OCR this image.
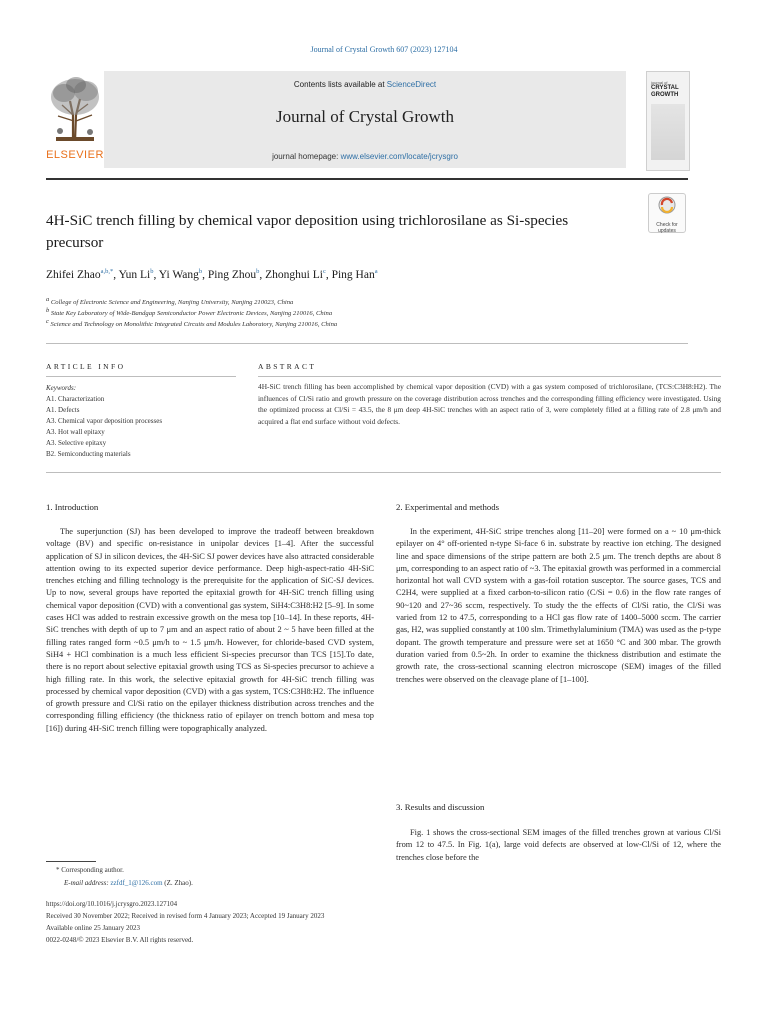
Journal of Crystal Growth 607 (2023) 127104
ELSEVIER
Contents lists available at ScienceDirect
Journal of Crystal Growth
journal homepage: www.elsevier.com/locate/jcrysgro
journal of
CRYSTAL
GROWTH
4H-SiC trench filling by chemical vapor deposition using trichlorosilane as Si-species precursor
Check for updates
Zhifei Zhao$^{a,b,*}$, Yun Li$^b$, Yi Wang$^b$, Ping Zhou$^b$, Zhonghui Li$^c$, Ping Han$^a$
$^a$ College of Electronic Science and Engineering, Nanjing University, Nanjing 210023, China
$^b$ State Key Laboratory of Wide-Bandgap Semiconductor Power Electronic Devices, Nanjing 210016, China
$^c$ Science and Technology on Monolithic Integrated Circuits and Modules Laboratory, Nanjing 210016, China
ARTICLE INFO
Keywords:
A1. Characterization
A1. Defects
A3. Chemical vapor deposition processes
A3. Hot wall epitaxy
A3. Selective epitaxy
B2. Semiconducting materials
ABSTRACT
4H-SiC trench filling has been accomplished by chemical vapor deposition (CVD) with a gas system composed of trichlorosilane, (TCS:C3H8:H2). The influences of Cl/Si ratio and growth pressure on the coverage distribution across trenches and the corresponding filling efficiency were investigated. Using the optimized process at Cl/Si = 43.5, the 8 μm deep 4H-SiC trenches with an aspect ratio of 3, were completely filled at a filling rate of 2.8 μm/h and acquired a flat end surface without void defects.
1. Introduction

The superjunction (SJ) has been developed to improve the tradeoff between breakdown voltage (BV) and specific on-resistance in unipolar devices [1–4]. After the successful application of SJ in silicon devices, the 4H-SiC SJ power devices have also attracted considerable attention owing to its expected superior device performance. Deep high-aspect-ratio 4H-SiC trenches etching and filling technology is the prerequisite for the application of SiC-SJ devices. Up to now, several groups have reported the epitaxial growth for 4H-SiC trench filling using chemical vapor deposition (CVD) with a conventional gas system, SiH4:C3H8:H2 [5–9]. In some cases HCl was added to restrain excessive growth on the mesa top [10–14]. In these reports, 4H-SiC trenches with depth of up to 7 μm and an aspect ratio of about 2 ~ 5 have been filled at the filling rates ranged form ~0.5 μm/h to ~ 1.5 μm/h. However, for chloride-based CVD system, SiH4 + HCl combination is a much less efficient Si-species precursor than TCS [15].To date, there is no report about selective epitaxial growth using TCS as Si-species precursor to achieve a high filling rate. In this work, the selective epitaxial growth for 4H-SiC trench filling was processed by chemical vapor deposition (CVD) with a gas system, TCS:C3H8:H2. The influence of growth pressure and Cl/Si ratio on the epilayer thickness distribution across trenches and the corresponding filling efficiency (the thickness ratio of epilayer on trench bottom and mesa top [16]) during 4H-SiC trench filling were topographically analyzed.

2. Experimental and methods

In the experiment, 4H-SiC stripe trenches along [11–20] were formed on a ~ 10 μm-thick epilayer on 4° off-oriented n-type Si-face 6 in. substrate by reactive ion etching. The designed line and space dimensions of the stripe pattern are both 2.5 μm. The trench depths are about 8 μm, corresponding to an aspect ratio of ~3. The epitaxial growth was performed in a commercial horizontal hot wall CVD system with a gas-foil rotation susceptor. The source gases, TCS and C2H4, were supplied at a fixed carbon-to-silicon ratio (C/Si = 0.6) in the flow rate ranges of 90~120 and 27~36 sccm, respectively. To study the the effects of Cl/Si ratio, the Cl/Si was varied from 12 to 47.5, corresponding to a HCl gas flow rate of 1400–5000 sccm. The carrier gas, H2, was supplied constantly at 100 slm. Trimethylaluminium (TMA) was used as the p-type dopant. The growth temperature and pressure were set at 1650 °C and 300 mbar. The growth duration varied from 0.5~2h. In order to examine the thickness distribution and estimate the growth rate, the cross-sectional scanning electron microscope (SEM) images of the filled trenches were observed on the cleavage plane of [1–100].

3. Results and discussion

Fig. 1 shows the cross-sectional SEM images of the filled trenches grown at various Cl/Si from 12 to 47.5. In Fig. 1(a), large void defects are observed at low-Cl/Si of 12, where the trenches close before the

* Corresponding author.
E-mail address: zzfdf_1@126.com (Z. Zhao).
https://doi.org/10.1016/j.jcrysgro.2023.127104
Received 30 November 2022; Received in revised form 4 January 2023; Accepted 19 January 2023
Available online 25 January 2023
0022-0248/© 2023 Elsevier B.V. All rights reserved.
